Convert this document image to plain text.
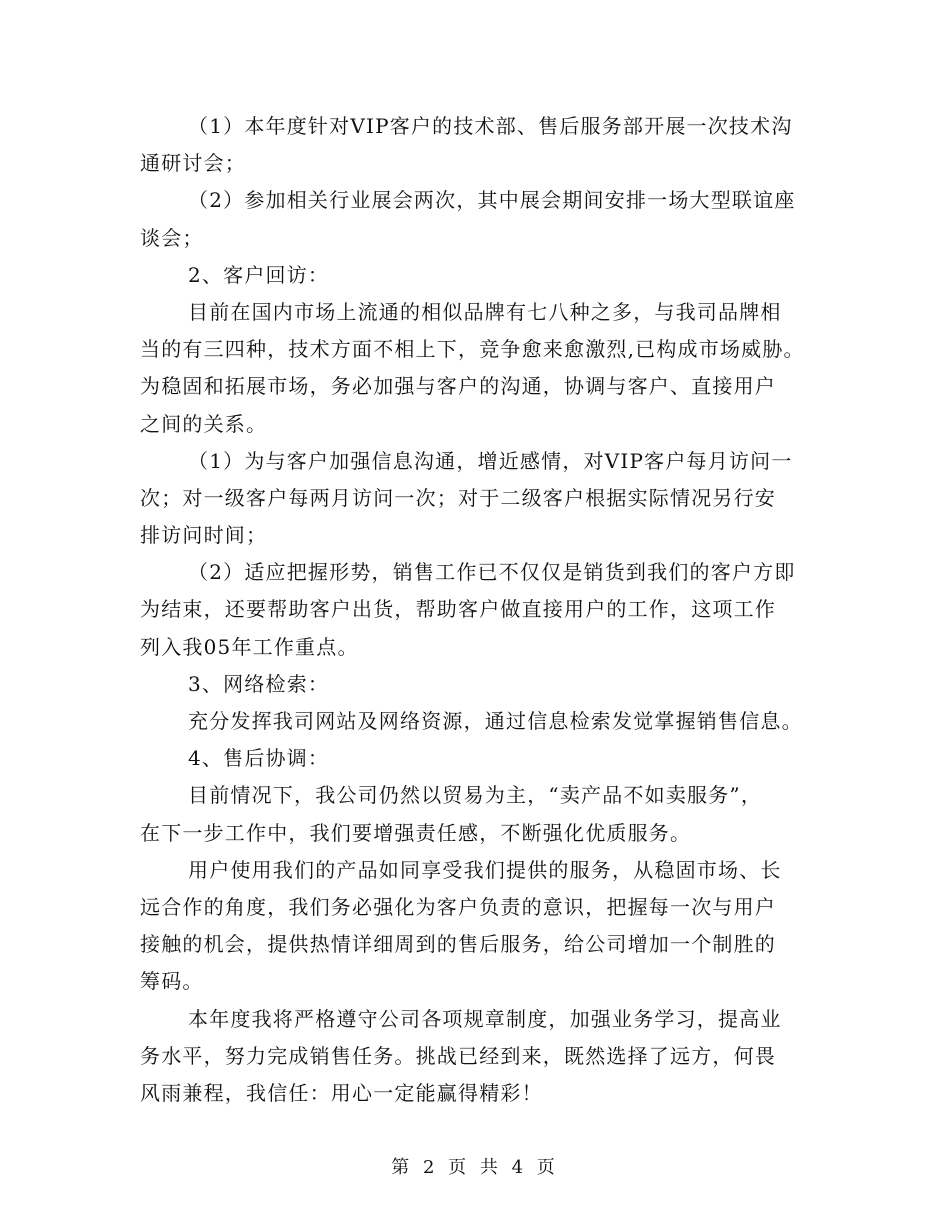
（1）本年度针对VIP客户的技术部、售后服务部开展一次技术沟
通研讨会；
（2）参加相关行业展会两次，其中展会期间安排一场大型联谊座
谈会；
2、客户回访：
目前在国内市场上流通的相似品牌有七八种之多，与我司品牌相
当的有三四种，技术方面不相上下，竞争愈来愈激烈,已构成市场威胁。
为稳固和拓展市场，务必加强与客户的沟通，协调与客户、直接用户
之间的关系。
（1）为与客户加强信息沟通，增近感情，对VIP客户每月访问一
次；对一级客户每两月访问一次；对于二级客户根据实际情况另行安
排访问时间；
（2）适应把握形势，销售工作已不仅仅是销货到我们的客户方即
为结束，还要帮助客户出货，帮助客户做直接用户的工作，这项工作
列入我05年工作重点。
3、网络检索：
充分发挥我司网站及网络资源，通过信息检索发觉掌握销售信息。
4、售后协调：
目前情况下，我公司仍然以贸易为主，“卖产品不如卖服务”，
在下一步工作中，我们要增强责任感，不断强化优质服务。
用户使用我们的产品如同享受我们提供的服务，从稳固市场、长
远合作的角度，我们务必强化为客户负责的意识，把握每一次与用户
接触的机会，提供热情详细周到的售后服务，给公司增加一个制胜的
筹码。
本年度我将严格遵守公司各项规章制度，加强业务学习，提高业
务水平，努力完成销售任务。挑战已经到来，既然选择了远方，何畏
风雨兼程，我信任：用心一定能赢得精彩！
第 2 页 共 4 页
